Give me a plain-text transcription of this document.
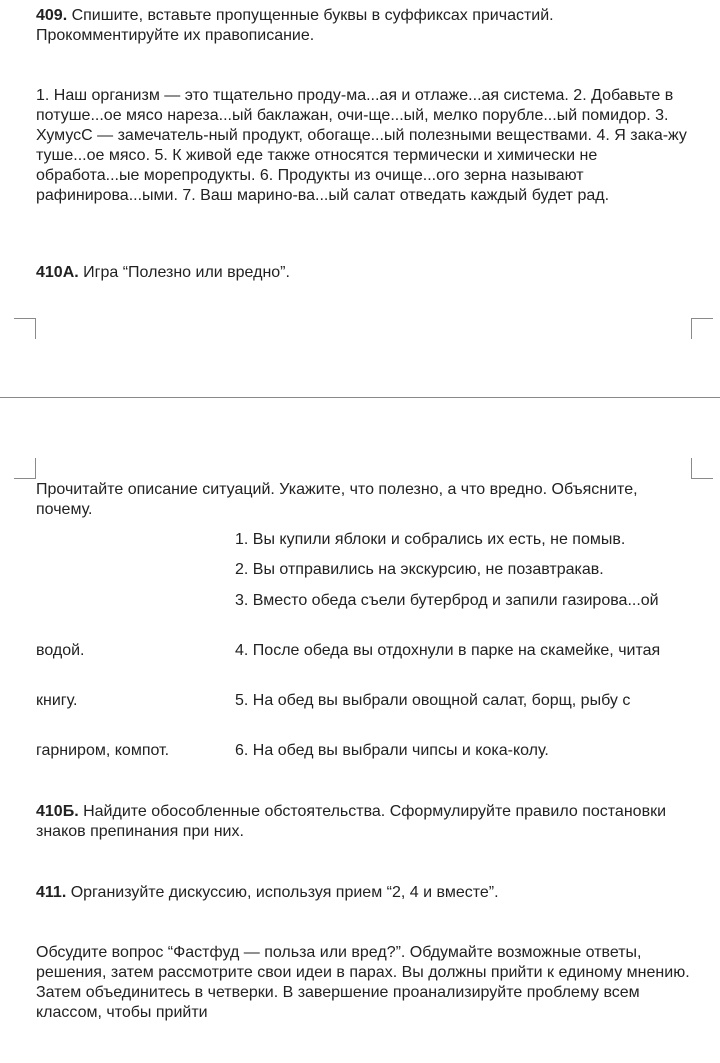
409. Спишите, вставьте пропущенные буквы в суффиксах причастий. Прокомментируйте их правописание.

1. Наш организм — это тщательно проду-ма...ая и отлаже...ая система. 2. Добавьте в потуше...ое мясо нареза...ый баклажан, очи-ще...ый, мелко порубле...ый помидор. 3. ХумусС — замечатель-ный продукт, обогаще...ый полезными веществами. 4. Я зака-жу туше...ое мясо. 5. К живой еде также относятся термически и химически не обработа...ые морепродукты. 6. Продукты из очище...ого зерна называют рафинирова...ыми. 7. Ваш марино-ва...ый салат отведать каждый будет рад.

410А. Игра “Полезно или вредно”.

Прочитайте описание ситуаций. Укажите, что полезно, а что вредно. Объясните, почему.

1. Вы купили яблоки и собрались их есть, не помыв.

2. Вы отправились на экскурсию, не позавтракав.

3. Вместо обеда съели бутерброд и запили газирова...ой водой.	4. После обеда вы отдохнули в парке на скамейке, читая книгу.	5. На обед вы выбрали овощной салат, борщ, рыбу с гарниром, компот.	6. На обед вы выбрали чипсы и кока-колу.

410Б. Найдите обособленные обстоятельства. Сформулируйте правило постановки знаков препинания при них.

411. Организуйте дискуссию, используя прием “2, 4 и вместе”.

Обсудите вопрос “Фастфуд — польза или вред?”. Обдумайте возможные ответы, решения, затем рассмотрите свои идеи в парах. Вы должны прийти к единому мнению. Затем объединитесь в четверки. В завершение проанализируйте проблему всем классом, чтобы прийти
